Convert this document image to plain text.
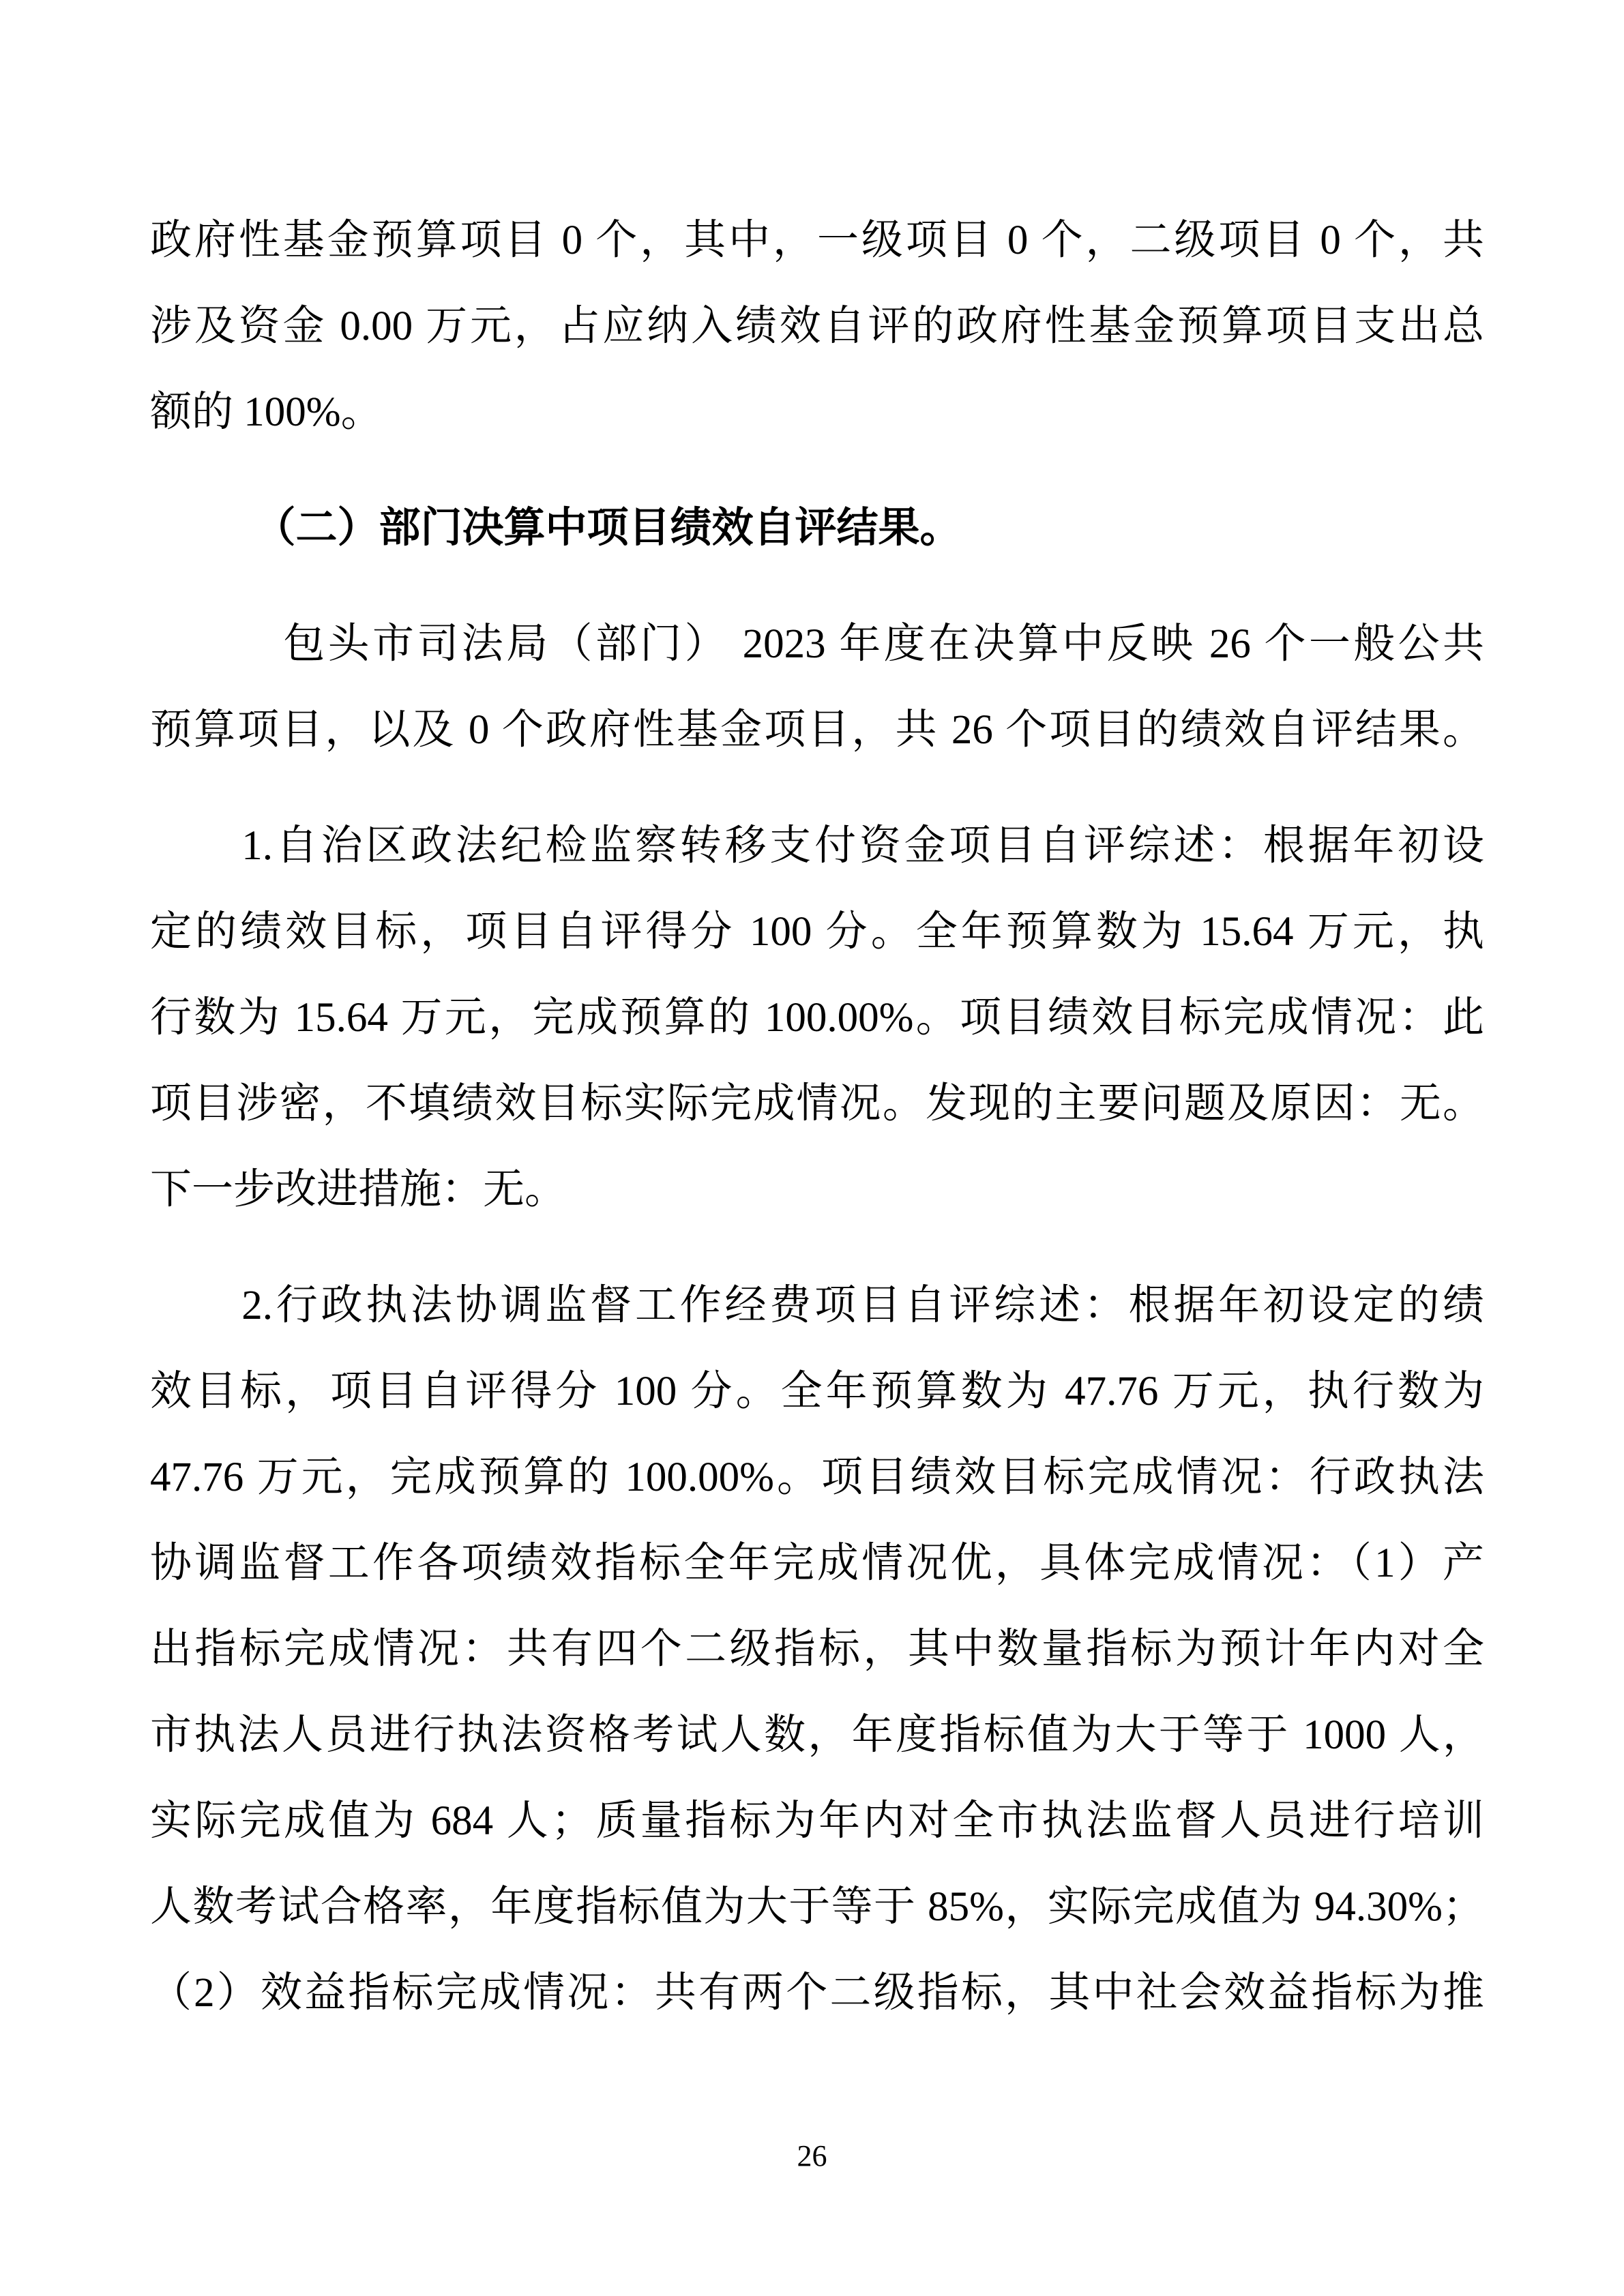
政府性基金预算项目 0 个，其中，一级项目 0 个，二级项目 0 个，共
涉及资金 0.00 万元，占应纳入绩效自评的政府性基金预算项目支出总
额的 100%。
（二）部门决算中项目绩效自评结果。
包头市司法局（部门） 2023 年度在决算中反映 26 个一般公共
预算项目，以及 0 个政府性基金项目，共 26 个项目的绩效自评结果。
1.自治区政法纪检监察转移支付资金项目自评综述：根据年初设
定的绩效目标，项目自评得分 100 分。全年预算数为 15.64 万元，执
行数为 15.64 万元，完成预算的 100.00%。项目绩效目标完成情况：此
项目涉密，不填绩效目标实际完成情况。发现的主要问题及原因：无。
下一步改进措施：无。
2.行政执法协调监督工作经费项目自评综述：根据年初设定的绩
效目标，项目自评得分 100 分。全年预算数为 47.76 万元，执行数为
47.76 万元，完成预算的 100.00%。项目绩效目标完成情况：行政执法
协调监督工作各项绩效指标全年完成情况优，具体完成情况：（1）产
出指标完成情况：共有四个二级指标，其中数量指标为预计年内对全
市执法人员进行执法资格考试人数，年度指标值为大于等于 1000 人，
实际完成值为 684 人；质量指标为年内对全市执法监督人员进行培训
人数考试合格率，年度指标值为大于等于 85%，实际完成值为 94.30%；
（2）效益指标完成情况：共有两个二级指标，其中社会效益指标为推
26
